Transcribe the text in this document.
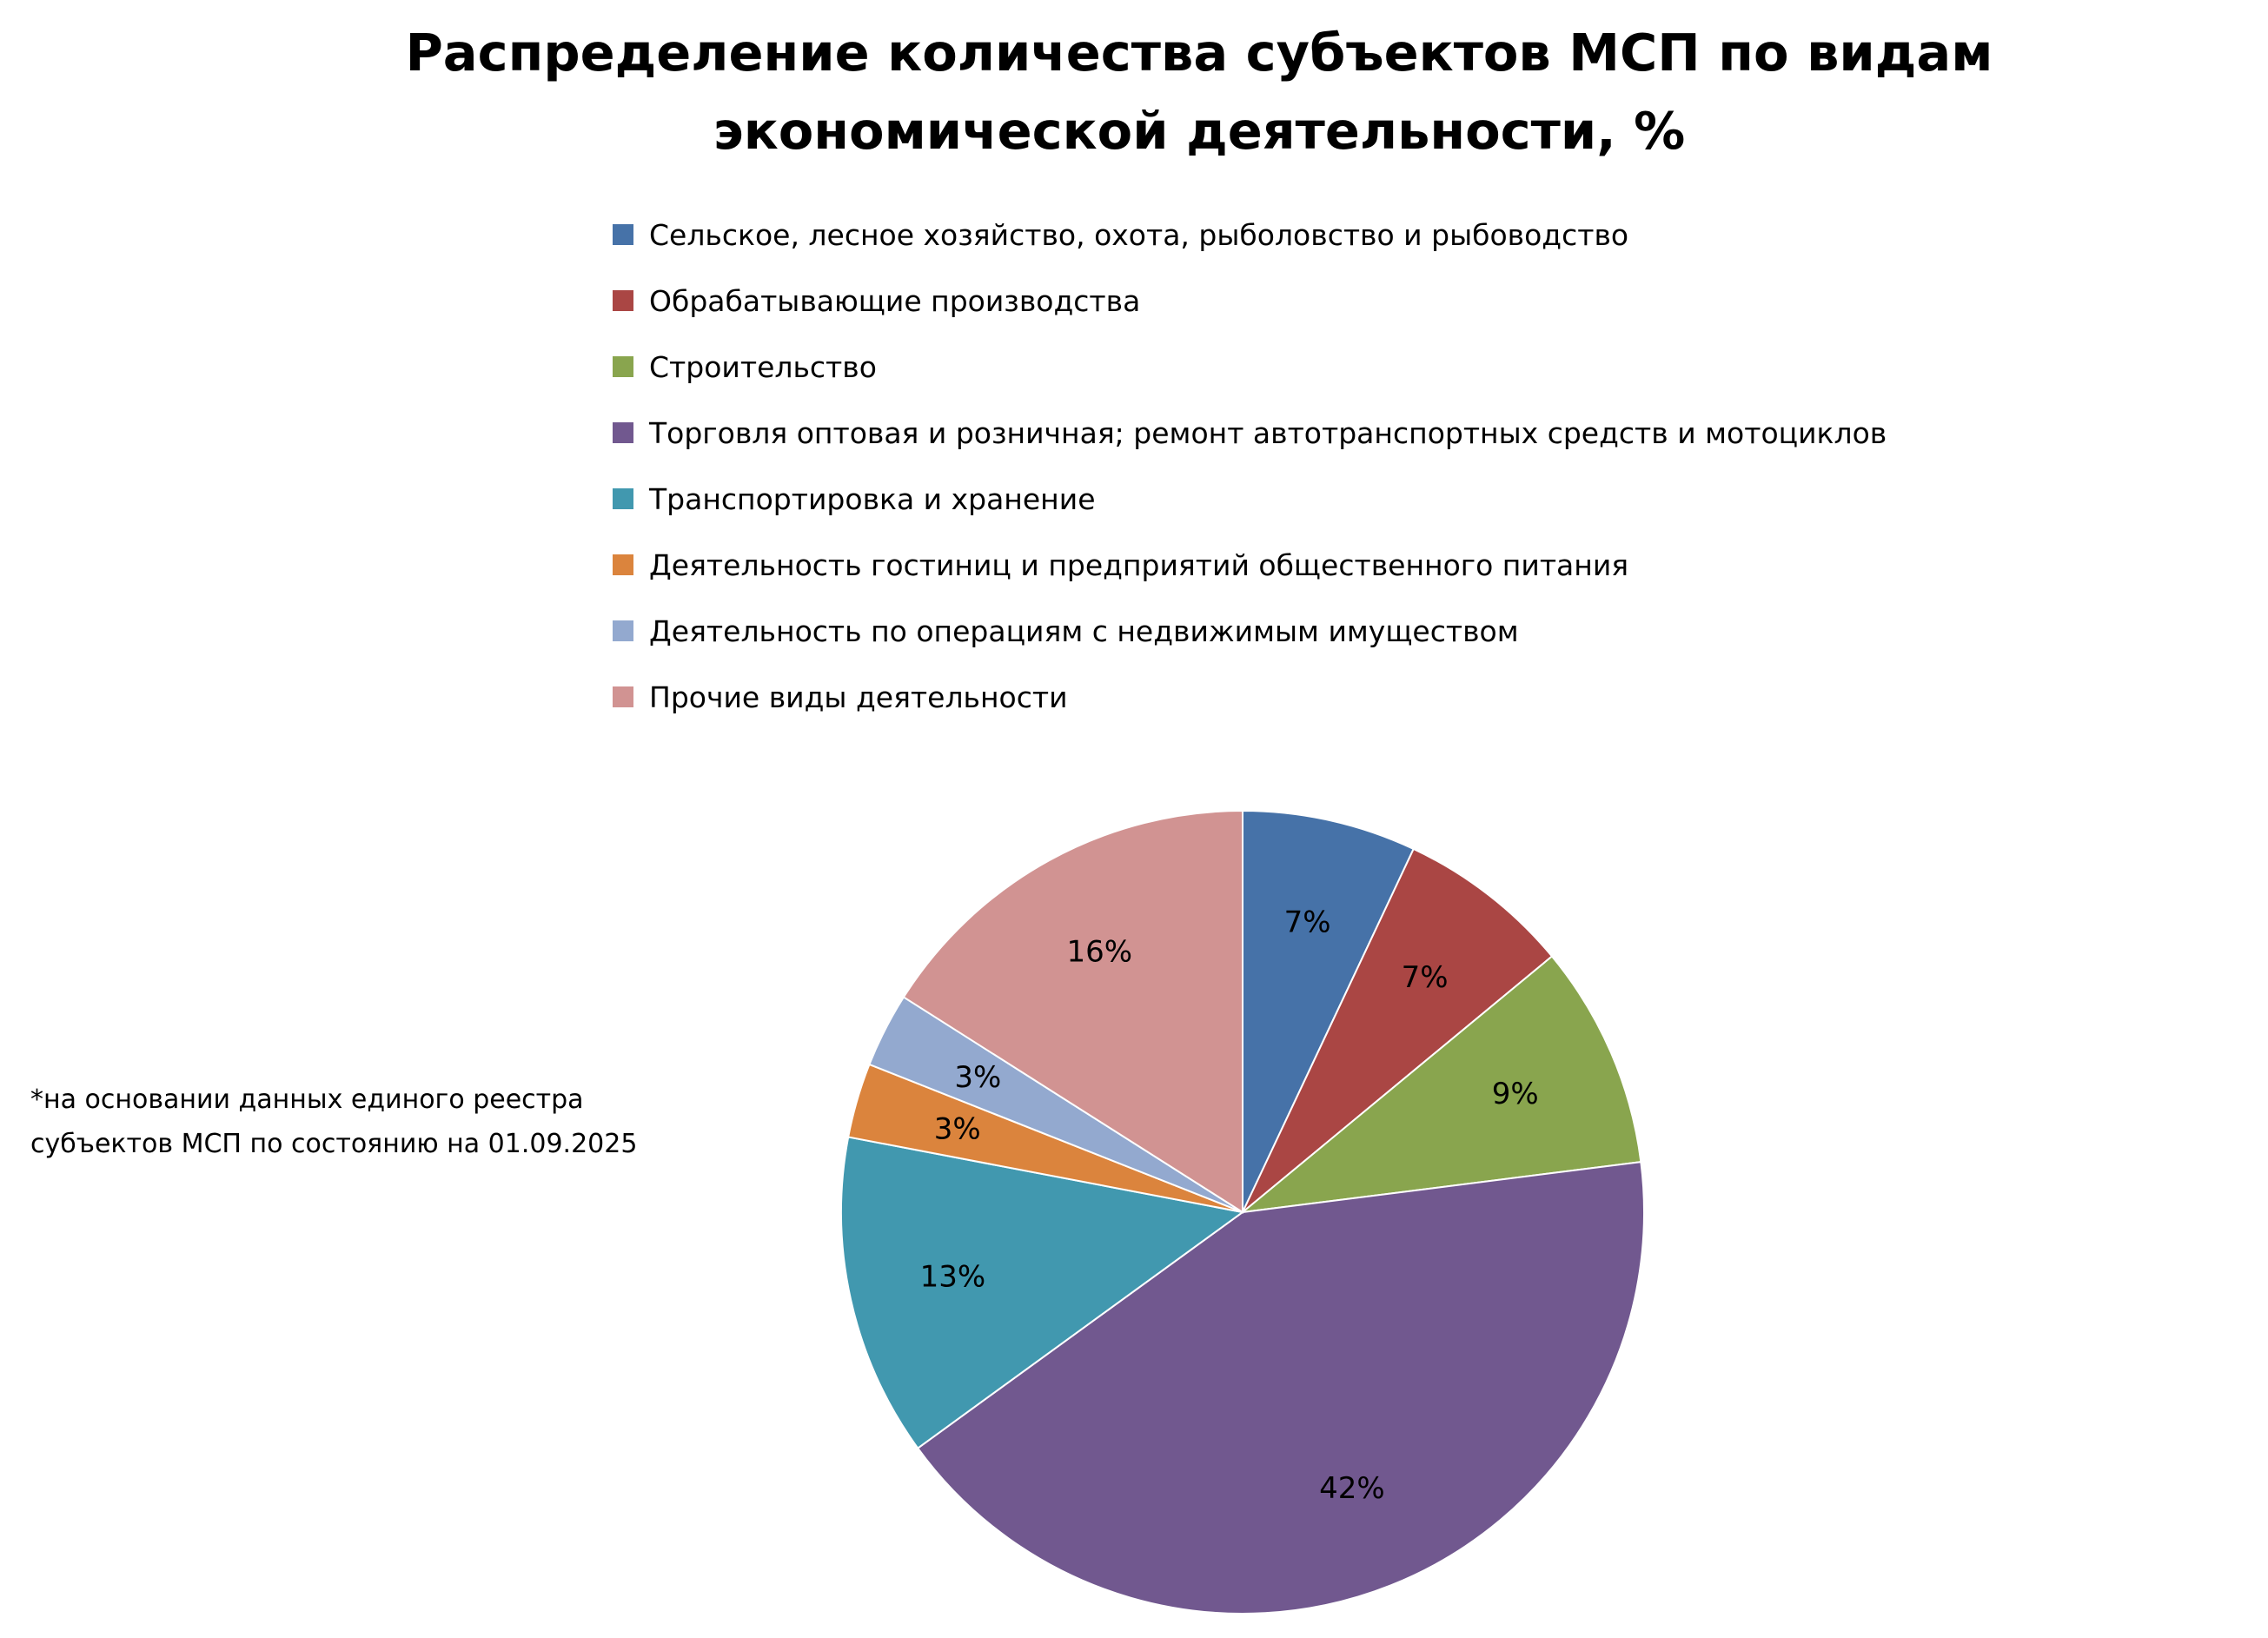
Распределение количества субъектов МСП по видам экономической деятельности, %
Сельское, лесное хозяйство, охота, рыболовство и рыбоводство
Обрабатывающие производства
Строительство
Торговля оптовая и розничная; ремонт автотранспортных средств и мотоциклов
Транспортировка и хранение
Деятельность гостиниц и предприятий общественного питания
Деятельность по операциям с недвижимым имуществом
Прочие виды деятельности
*на основании данных единого реестра
субъектов МСП по состоянию на 01.09.2025
7%
7%
9%
42%
13%
3%
3%
16%
